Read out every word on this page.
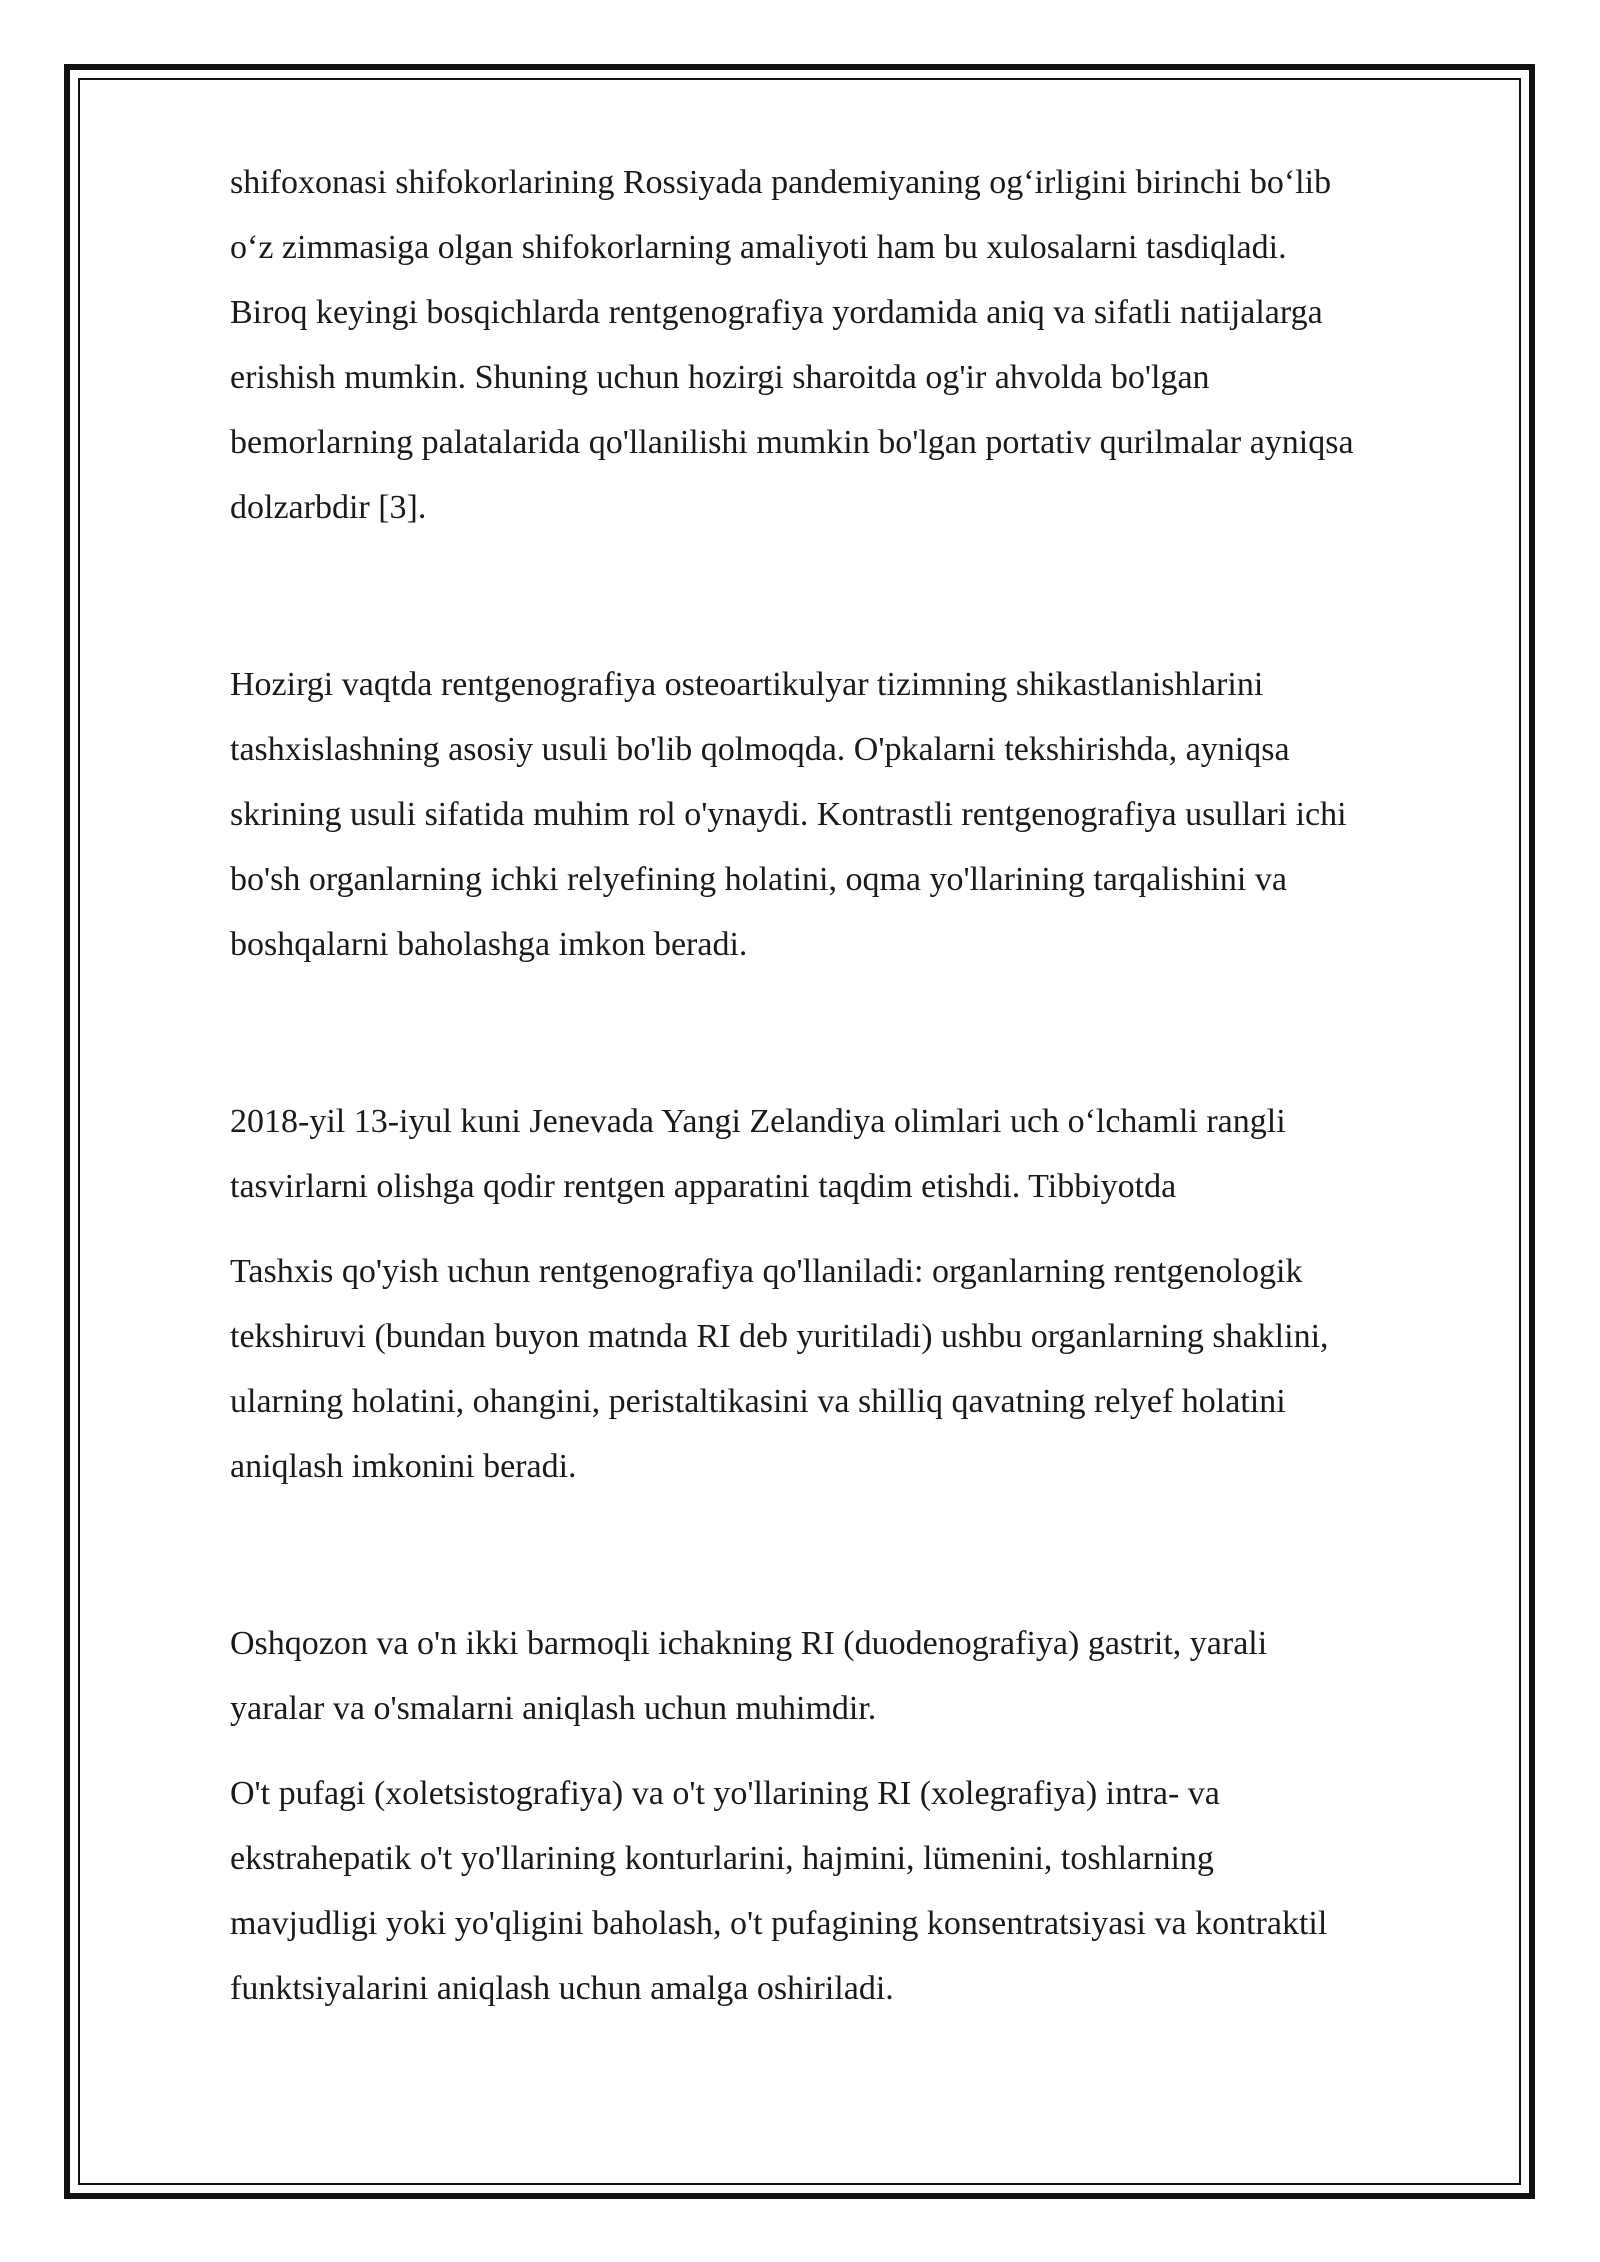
shifoxonasi shifokorlarining Rossiyada pandemiyaning ogʻirligini birinchi boʻlib
oʻz zimmasiga olgan shifokorlarning amaliyoti ham bu xulosalarni tasdiqladi.
Biroq keyingi bosqichlarda rentgenografiya yordamida aniq va sifatli natijalarga
erishish mumkin. Shuning uchun hozirgi sharoitda og'ir ahvolda bo'lgan
bemorlarning palatalarida qo'llanilishi mumkin bo'lgan portativ qurilmalar ayniqsa
dolzarbdir [3].

Hozirgi vaqtda rentgenografiya osteoartikulyar tizimning shikastlanishlarini
tashxislashning asosiy usuli bo'lib qolmoqda. O'pkalarni tekshirishda, ayniqsa
skrining usuli sifatida muhim rol o'ynaydi. Kontrastli rentgenografiya usullari ichi
bo'sh organlarning ichki relyefining holatini, oqma yo'llarining tarqalishini va
boshqalarni baholashga imkon beradi.

2018-yil 13-iyul kuni Jenevada Yangi Zelandiya olimlari uch oʻlchamli rangli
tasvirlarni olishga qodir rentgen apparatini taqdim etishdi. Tibbiyotda

Tashxis qo'yish uchun rentgenografiya qo'llaniladi: organlarning rentgenologik
tekshiruvi (bundan buyon matnda RI deb yuritiladi) ushbu organlarning shaklini,
ularning holatini, ohangini, peristaltikasini va shilliq qavatning relyef holatini
aniqlash imkonini beradi.

Oshqozon va o'n ikki barmoqli ichakning RI (duodenografiya) gastrit, yarali
yaralar va o'smalarni aniqlash uchun muhimdir.

O't pufagi (xoletsistografiya) va o't yo'llarining RI (xolegrafiya) intra- va
ekstrahepatik o't yo'llarining konturlarini, hajmini, lümenini, toshlarning
mavjudligi yoki yo'qligini baholash, o't pufagining konsentratsiyasi va kontraktil
funktsiyalarini aniqlash uchun amalga oshiriladi.
